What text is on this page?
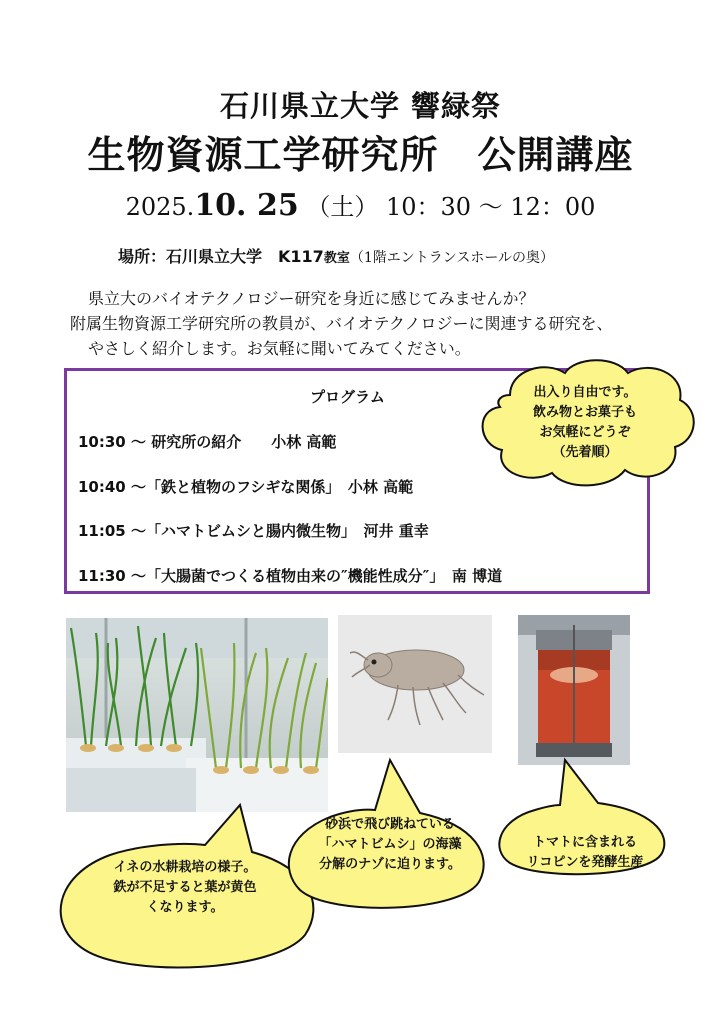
石川県立大学 響緑祭
生物資源工学研究所　公開講座
2025.10. 25 （土） 10：30 ～ 12：00
場所：石川県立大学　K117教室（1階エントランスホールの奥）
県立大のバイオテクノロジー研究を身近に感じてみませんか？
附属生物資源工学研究所の教員が、バイオテクノロジーに関連する研究を、
やさしく紹介します。お気軽に聞いてみてください。
プログラム
10:30 ～ 研究所の紹介　　小林 高範
10:40 ～「鉄と植物のフシギな関係」　小林 高範
11:05 ～「ハマトビムシと腸内微生物」　河井 重幸
11:30 ～「大腸菌でつくる植物由来の″機能性成分″」　南 博道
出入り自由です。
飲み物とお菓子も
お気軽にどうぞ
（先着順）
イネの水耕栽培の様子。
鉄が不足すると葉が黄色
くなります。
砂浜で飛び跳ねている
「ハマトビムシ」の海藻
分解のナゾに迫ります。
トマトに含まれる
リコピンを発酵生産
